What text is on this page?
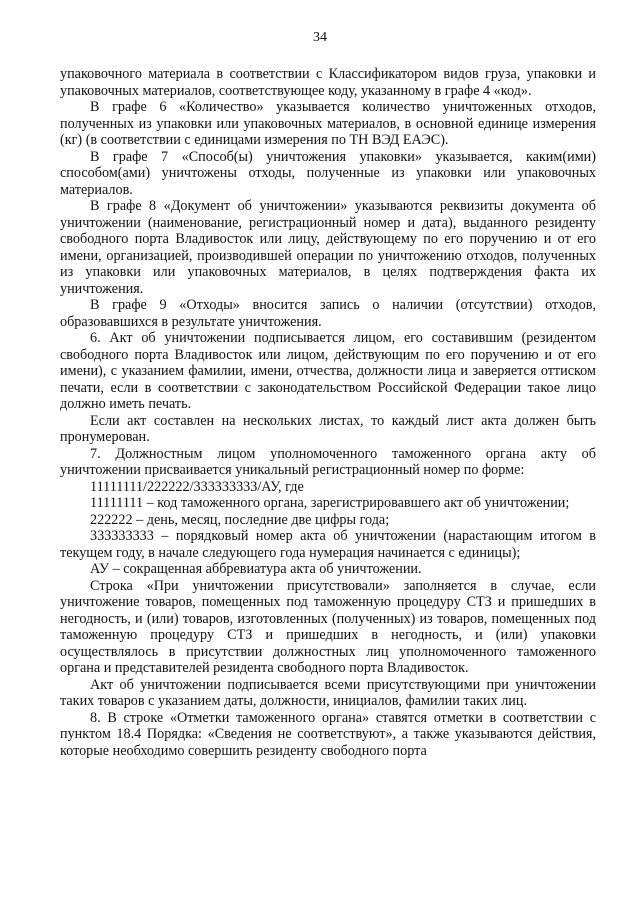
34

упаковочного материала в соответствии с Классификатором видов груза, упаковки и упаковочных материалов, соответствующее коду, указанному в графе 4 «код».

В графе 6 «Количество» указывается количество уничтоженных отходов, полученных из упаковки или упаковочных материалов, в основной единице измерения (кг) (в соответствии с единицами измерения по ТН ВЭД ЕАЭС).

В графе 7 «Способ(ы) уничтожения упаковки» указывается, каким(ими) способом(ами) уничтожены отходы, полученные из упаковки или упаковочных материалов.

В графе 8 «Документ об уничтожении» указываются реквизиты документа об уничтожении (наименование, регистрационный номер и дата), выданного резиденту свободного порта Владивосток или лицу, действующему по его поручению и от его имени, организацией, производившей операции по уничтожению отходов, полученных из упаковки или упаковочных материалов, в целях подтверждения факта их уничтожения.

В графе 9 «Отходы» вносится запись о наличии (отсутствии) отходов, образовавшихся в результате уничтожения.

6. Акт об уничтожении подписывается лицом, его составившим (резидентом свободного порта Владивосток или лицом, действующим по его поручению и от его имени), с указанием фамилии, имени, отчества, должности лица и заверяется оттиском печати, если в соответствии с законодательством Российской Федерации такое лицо должно иметь печать.

Если акт составлен на нескольких листах, то каждый лист акта должен быть пронумерован.

7. Должностным лицом уполномоченного таможенного органа акту об уничтожении присваивается уникальный регистрационный номер по форме:

11111111/222222/333333333/АУ, где

11111111 – код таможенного органа, зарегистрировавшего акт об уничтожении;

222222 – день, месяц, последние две цифры года;

333333333 – порядковый номер акта об уничтожении (нарастающим итогом в текущем году, в начале следующего года нумерация начинается с единицы);

АУ – сокращенная аббревиатура акта об уничтожении.

Строка «При уничтожении присутствовали» заполняется в случае, если уничтожение товаров, помещенных под таможенную процедуру СТЗ и пришедших в негодность, и (или) товаров, изготовленных (полученных) из товаров, помещенных под таможенную процедуру СТЗ и пришедших в негодность, и (или) упаковки осуществлялось в присутствии должностных лиц уполномоченного таможенного органа и представителей резидента свободного порта Владивосток.

Акт об уничтожении подписывается всеми присутствующими при уничтожении таких товаров с указанием даты, должности, инициалов, фамилии таких лиц.

8. В строке «Отметки таможенного органа» ставятся отметки в соответствии с пунктом 18.4 Порядка: «Сведения не соответствуют», а также указываются действия, которые необходимо совершить резиденту свободного порта
